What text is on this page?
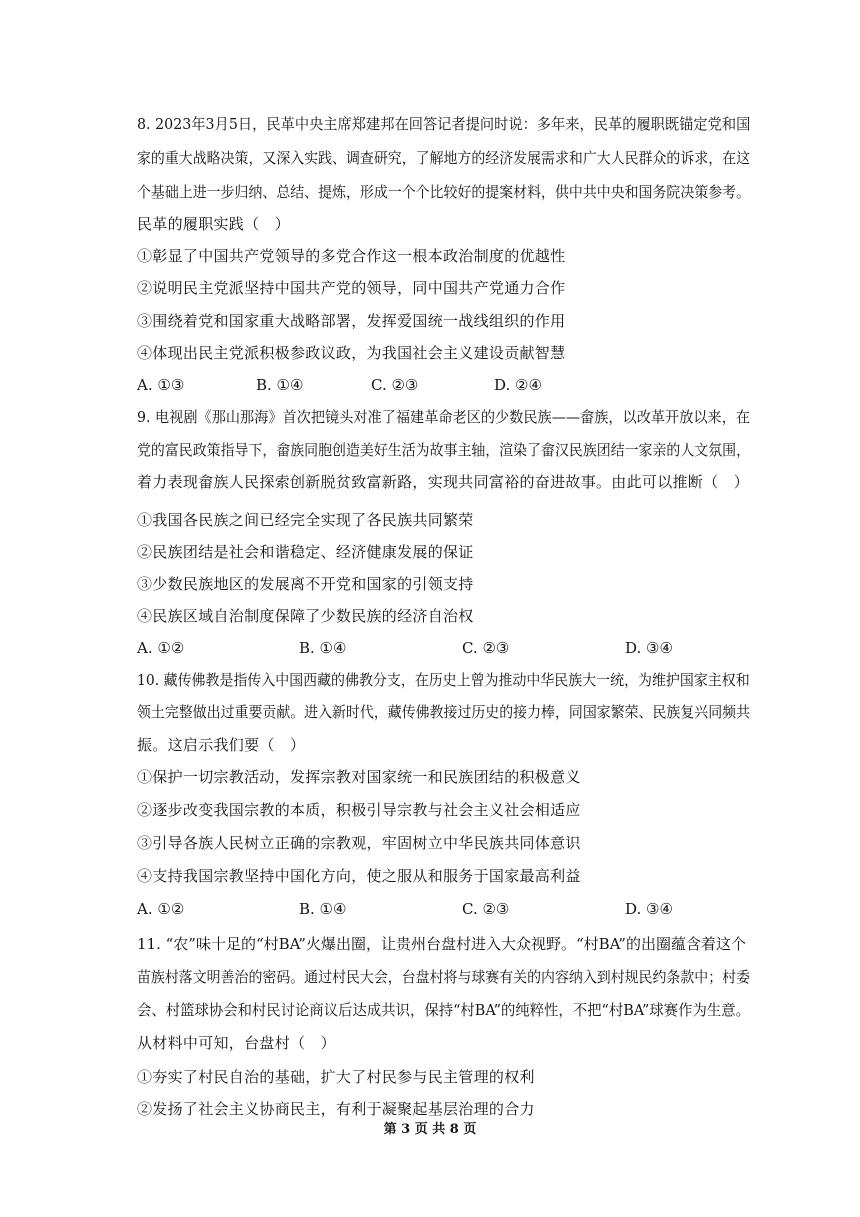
8. 2023年3月5日，民革中央主席郑建邦在回答记者提问时说：多年来，民革的履职既锚定党和国
家的重大战略决策，又深入实践、调查研究，了解地方的经济发展需求和广大人民群众的诉求，在这
个基础上进一步归纳、总结、提炼，形成一个个比较好的提案材料，供中共中央和国务院决策参考。
民革的履职实践（　）
①彰显了中国共产党领导的多党合作这一根本政治制度的优越性
②说明民主党派坚持中国共产党的领导，同中国共产党通力合作
③围绕着党和国家重大战略部署，发挥爱国统一战线组织的作用
④体现出民主党派积极参政议政，为我国社会主义建设贡献智慧
A. ①③	B. ①④	C. ②③	D. ②④
9. 电视剧《那山那海》首次把镜头对准了福建革命老区的少数民族——畲族，以改革开放以来，在
党的富民政策指导下，畲族同胞创造美好生活为故事主轴，渲染了畲汉民族团结一家亲的人文氛围，
着力表现畲族人民探索创新脱贫致富新路，实现共同富裕的奋进故事。由此可以推断（　）
①我国各民族之间已经完全实现了各民族共同繁荣
②民族团结是社会和谐稳定、经济健康发展的保证
③少数民族地区的发展离不开党和国家的引领支持
④民族区域自治制度保障了少数民族的经济自治权
A. ①②	B. ①④	C. ②③	D. ③④
10. 藏传佛教是指传入中国西藏的佛教分支，在历史上曾为推动中华民族大一统，为维护国家主权和
领土完整做出过重要贡献。进入新时代，藏传佛教接过历史的接力棒，同国家繁荣、民族复兴同频共
振。这启示我们要（　）
①保护一切宗教活动，发挥宗教对国家统一和民族团结的积极意义
②逐步改变我国宗教的本质，积极引导宗教与社会主义社会相适应
③引导各族人民树立正确的宗教观，牢固树立中华民族共同体意识
④支持我国宗教坚持中国化方向，使之服从和服务于国家最高利益
A. ①②	B. ①④	C. ②③	D. ③④
11. “农”味十足的“村BA”火爆出圈，让贵州台盘村进入大众视野。“村BA”的出圈蕴含着这个
苗族村落文明善治的密码。通过村民大会，台盘村将与球赛有关的内容纳入到村规民约条款中；村委
会、村篮球协会和村民讨论商议后达成共识，保持“村BA”的纯粹性，不把“村BA”球赛作为生意。
从材料中可知，台盘村（　）
①夯实了村民自治的基础，扩大了村民参与民主管理的权利
②发扬了社会主义协商民主，有利于凝聚起基层治理的合力
第 3 页 共 8 页
